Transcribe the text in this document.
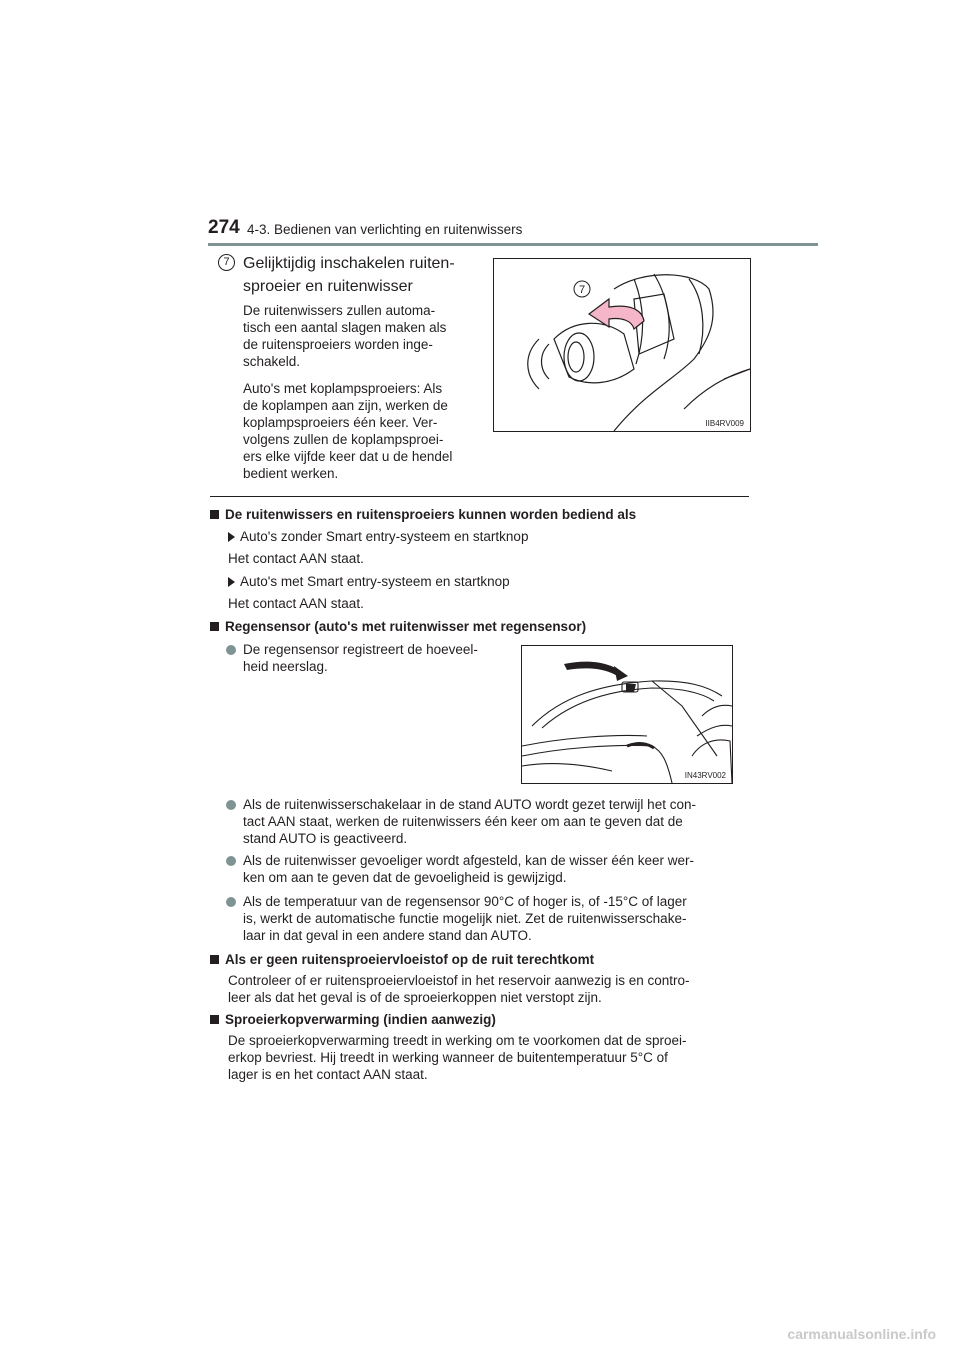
274 4-3. Bedienen van verlichting en ruitenwissers
7 Gelijktijdig inschakelen ruiten-
sproeier en ruitenwisser
De ruitenwissers zullen automa-
tisch een aantal slagen maken als
de ruitensproeiers worden inge-
schakeld.
Auto's met koplampsproeiers: Als
de koplampen aan zijn, werken de
koplampsproeiers één keer. Ver-
volgens zullen de koplampsproei-
ers elke vijfde keer dat u de hendel
bedient werken.
7
IIB4RV009
De ruitenwissers en ruitensproeiers kunnen worden bediend als
Auto's zonder Smart entry-systeem en startknop
Het contact AAN staat.
Auto's met Smart entry-systeem en startknop
Het contact AAN staat.
Regensensor (auto's met ruitenwisser met regensensor)
De regensensor registreert de hoeveel-
heid neerslag.
IN43RV002
Als de ruitenwisserschakelaar in de stand AUTO wordt gezet terwijl het con-
tact AAN staat, werken de ruitenwissers één keer om aan te geven dat de
stand AUTO is geactiveerd.
Als de ruitenwisser gevoeliger wordt afgesteld, kan de wisser één keer wer-
ken om aan te geven dat de gevoeligheid is gewijzigd.
Als de temperatuur van de regensensor 90°C of hoger is, of -15°C of lager
is, werkt de automatische functie mogelijk niet. Zet de ruitenwisserschake-
laar in dat geval in een andere stand dan AUTO.
Als er geen ruitensproeiervloeistof op de ruit terechtkomt
Controleer of er ruitensproeiervloeistof in het reservoir aanwezig is en contro-
leer als dat het geval is of de sproeierkoppen niet verstopt zijn.
Sproeierkopverwarming (indien aanwezig)
De sproeierkopverwarming treedt in werking om te voorkomen dat de sproei-
erkop bevriest. Hij treedt in werking wanneer de buitentemperatuur 5°C of
lager is en het contact AAN staat.
carmanualsonline.info
